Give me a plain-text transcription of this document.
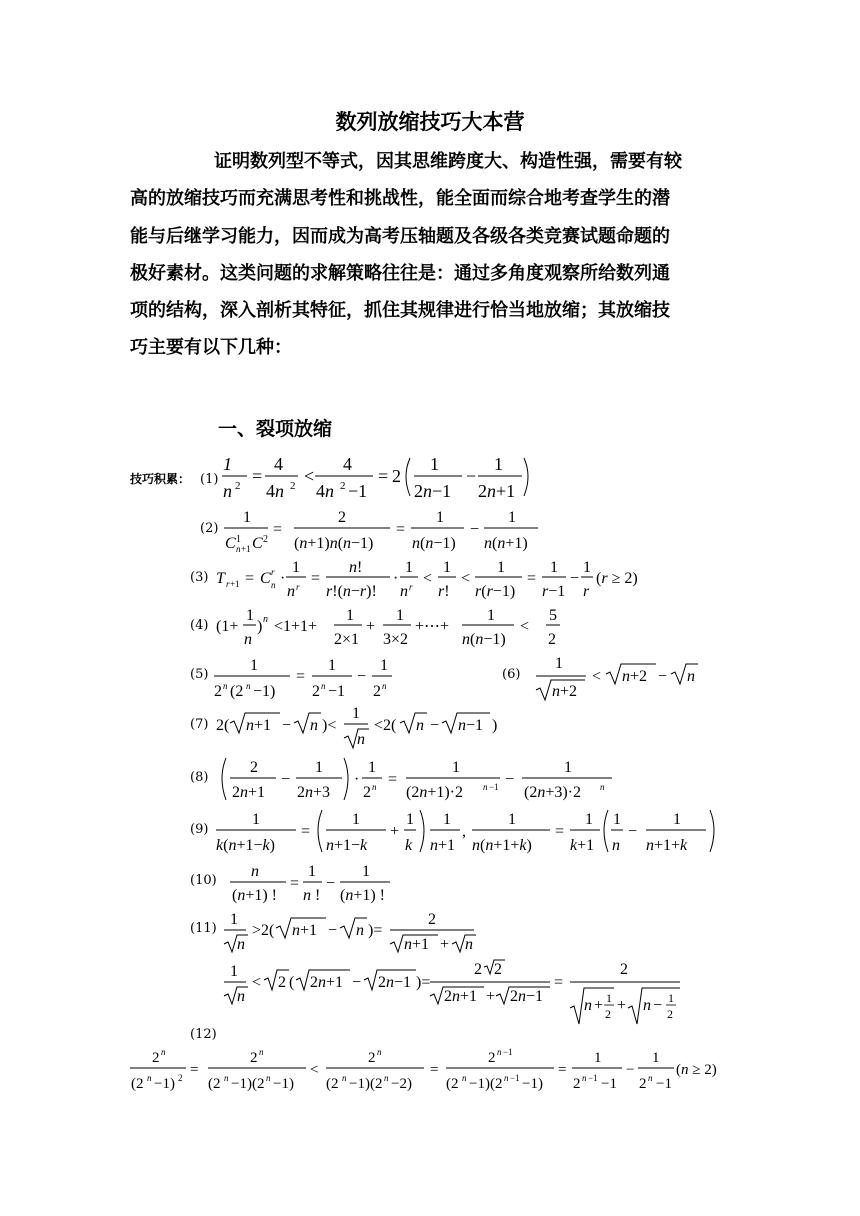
数列放缩技巧大本营
证明数列型不等式，因其思维跨度大、构造性强，需要有较
高的放缩技巧而充满思考性和挑战性，能全面而综合地考查学生的潜
能与后继学习能力，因而成为高考压轴题及各级各类竞赛试题命题的
极好素材。这类问题的求解策略往往是：通过多角度观察所给数列通
项的结构，深入剖析其特征，抓住其规律进行恰当地放缩；其放缩技
巧主要有以下几种：
一、裂项放缩
技巧积累： (1)
(2)
(3)
(4)
(5)	(6)
(7)
(8)
(9)
(10)
(11)
(12)
1
n 2 =
4
4n 2 <
4
4n 2 −1
= 2
1
2n−1
−
1
2n+1
1
C 1
n +1 C 2
=
2
(n+1)n(n−1)
=
1
n(n−1)
−
1
n(n+1)
T r +1 = C r
n ·
1
n r =
n!
r!(n−r)!
·
1
n r <
1
r!
<
1
r(r−1)
=
1
r−1
−
1
r
(r ≥ 2)
(1+
1
n
) n <1+1+
1
2×1
+
1
3×2
+⋯+
1
n(n−1)
<
5
2
1
2 n (2 n −1)
=
1
2 n −1
−
1
2 n
1
n+2
< n+2 − n
2( n+1 − n )<
1
n
<2( n − n−1 )
2
2n+1
−
1
2n+3
·
1
2 n =
1
(2n+1)·2 n −1 −
1
(2n+3)·2 n
1
k(n+1−k)
=
1
n+1−k
+
1
k
1
n+1
,
1
n(n+1+k)
=
1
k+1
1
n
−
1
n+1+k
n
(n+1) !
=
1
n !
−
1
(n+1) !
1
n
>2( n+1 − n )=
2
n+1 + n
1
n
< 2 ( 2n+1 − 2n−1 )=
2 2
2n+1 + 2n−1
=
2
n + 1
2 + n − 1
2
2 n
(2 n −1) 2 =
2 n
(2 n −1)(2 n −1)
<
2 n
(2 n −1)(2 n −2)
=
2 n −1
(2 n −1)(2 n −1 −1)
=
1
2 n −1 −1
−
1
2 n −1
(n ≥ 2)
